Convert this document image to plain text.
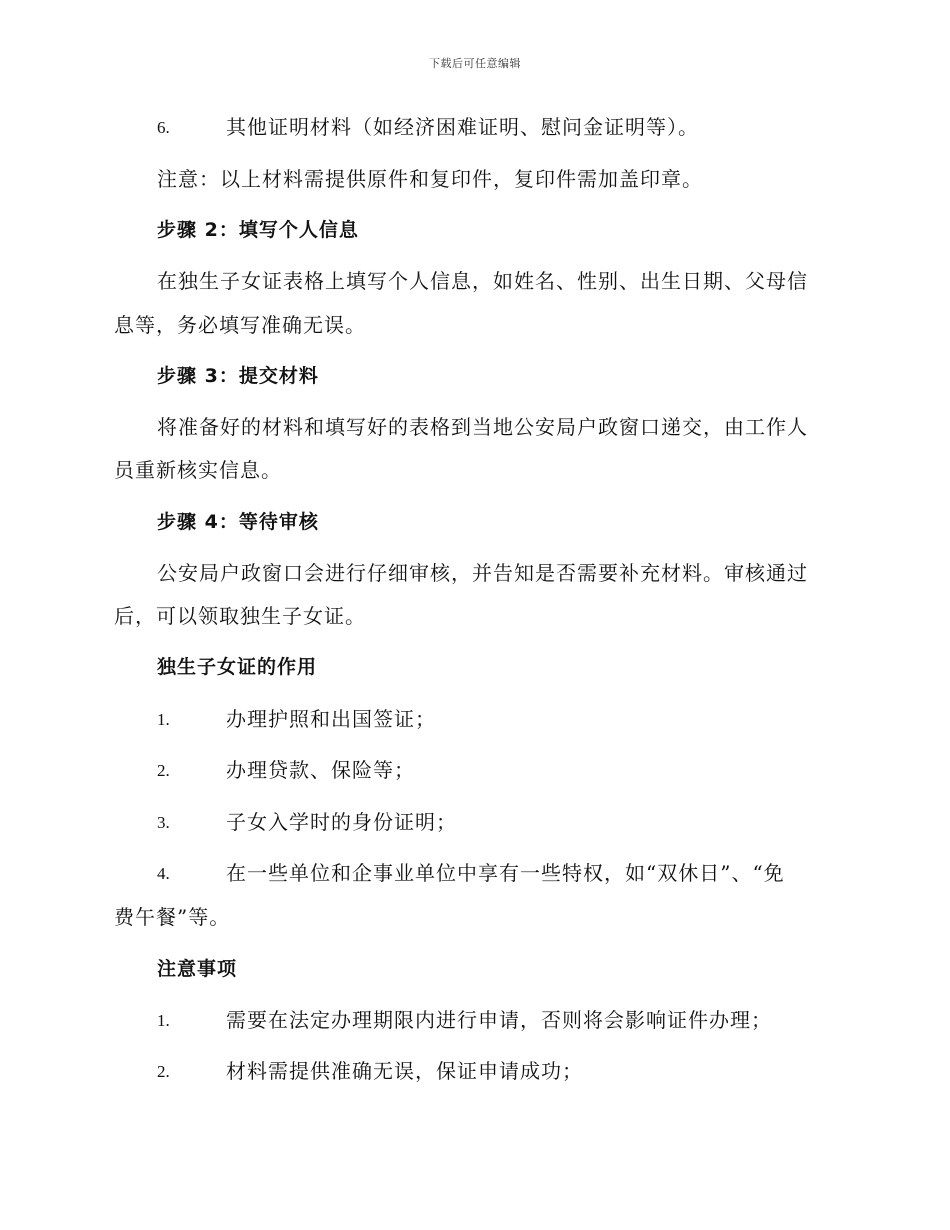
下载后可任意编辑
6.	其他证明材料（如经济困难证明、慰问金证明等）。
注意：以上材料需提供原件和复印件，复印件需加盖印章。
步骤 2：填写个人信息
在独生子女证表格上填写个人信息，如姓名、性别、出生日期、父母信
息等，务必填写准确无误。
步骤 3：提交材料
将准备好的材料和填写好的表格到当地公安局户政窗口递交，由工作人
员重新核实信息。
步骤 4：等待审核
公安局户政窗口会进行仔细审核，并告知是否需要补充材料。审核通过
后，可以领取独生子女证。
独生子女证的作用
1.	办理护照和出国签证；
2.	办理贷款、保险等；
3.	子女入学时的身份证明；
4.	在一些单位和企事业单位中享有一些特权，如“双休日”、“免
费午餐”等。
注意事项
1.	需要在法定办理期限内进行申请，否则将会影响证件办理；
2.	材料需提供准确无误，保证申请成功；
